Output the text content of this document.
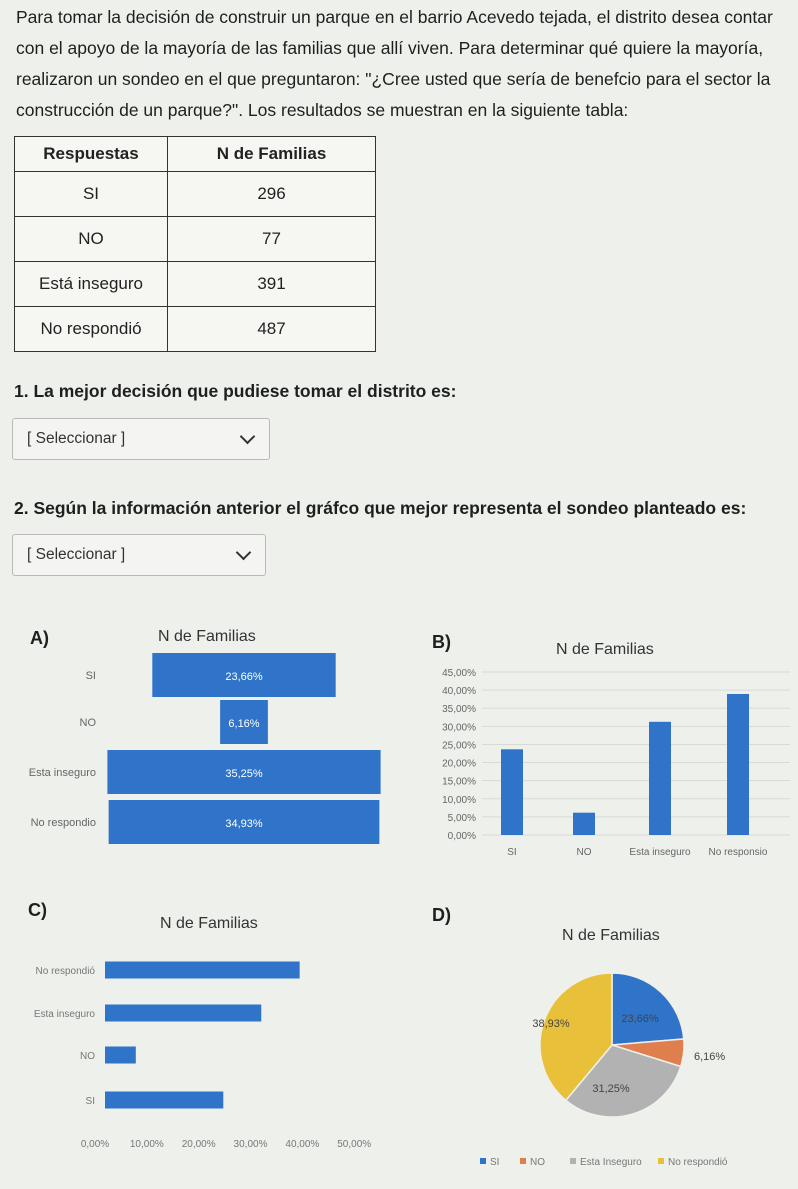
Para tomar la decisión de construir un parque en el barrio Acevedo tejada, el distrito desea contar con el apoyo de la mayoría de las familias que allí viven. Para determinar qué quiere la mayoría, realizaron un sondeo en el que preguntaron: "¿Cree usted que sería de benefcio para el sector la construcción de un parque?". Los resultados se muestran en la siguiente tabla:
Respuestas	N de Familias
SI	296
NO	77
Está inseguro	391
No respondió	487
1. La mejor decisión que pudiese tomar el distrito es:
[ Seleccionar ]
2. Según la información anterior el gráfco que mejor representa el sondeo planteado es:
[ Seleccionar ]
A)	N de Familias
23,66%
SI
6,16%
NO
35,25%
Esta inseguro
34,93%
No respondio
B)	N de Familias
45,00%
40,00%
35,00%
30,00%
25,00%
20,00%
15,00%
10,00%
5,00%
0,00%
SI	NO	Esta inseguro No responsio
C)
N de Familias
No respondió
Esta inseguro
NO
SI
0,00% 10,00% 20,00% 30,00% 40,00% 50,00%
D)
N de Familias
23,66%
6,16%
31,25%
38,93%
SI	NO	Esta Inseguro	No respondió
